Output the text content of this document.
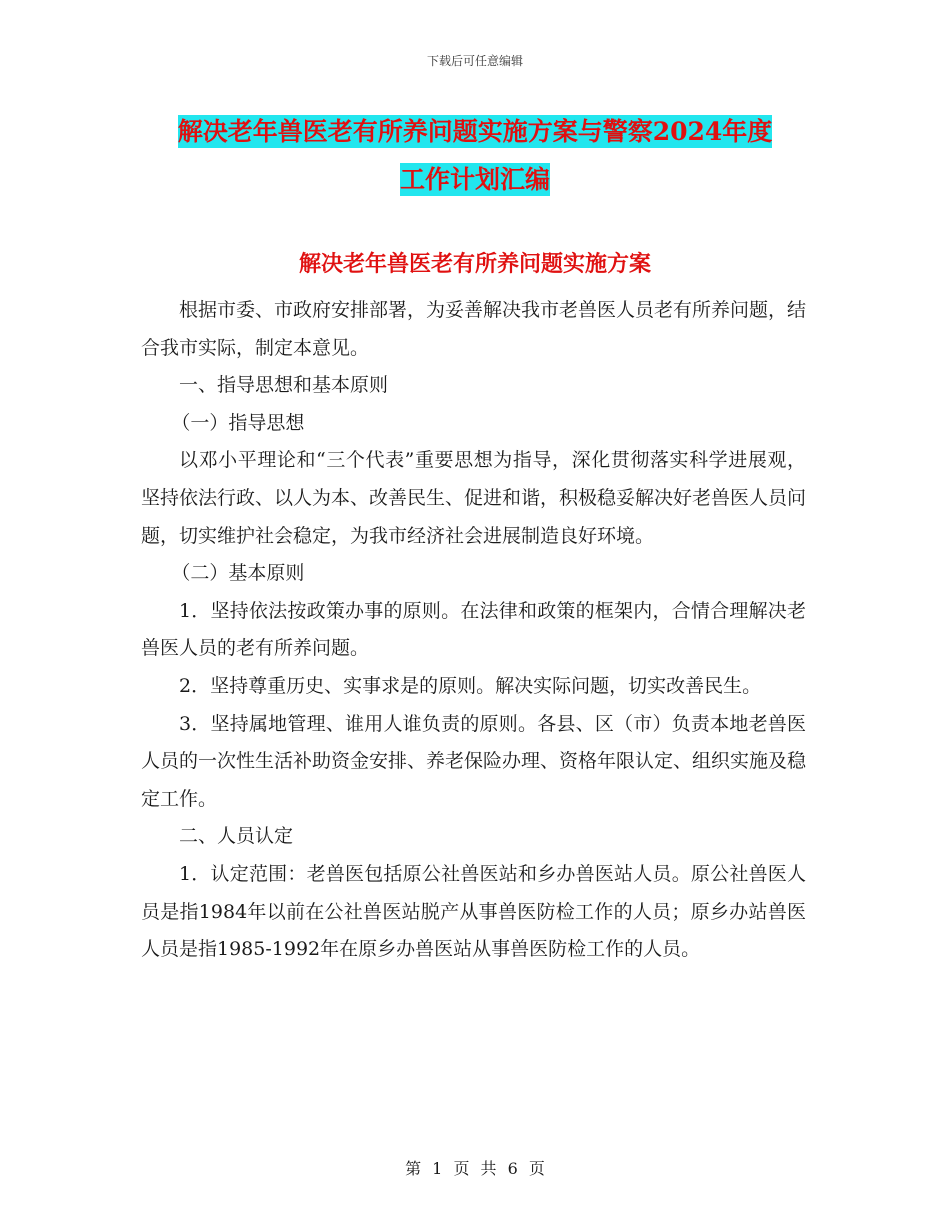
下载后可任意编辑
解决老年兽医老有所养问题实施方案与警察2024年度
工作计划汇编
解决老年兽医老有所养问题实施方案

根据市委、市政府安排部署，为妥善解决我市老兽医人员老有所养问题，结合我市实际，制定本意见。

一、指导思想和基本原则

（一）指导思想

以邓小平理论和“三个代表”重要思想为指导，深化贯彻落实科学进展观，坚持依法行政、以人为本、改善民生、促进和谐，积极稳妥解决好老兽医人员问题，切实维护社会稳定，为我市经济社会进展制造良好环境。

（二）基本原则

1．坚持依法按政策办事的原则。在法律和政策的框架内，合情合理解决老兽医人员的老有所养问题。

2．坚持尊重历史、实事求是的原则。解决实际问题，切实改善民生。

3．坚持属地管理、谁用人谁负责的原则。各县、区（市）负责本地老兽医人员的一次性生活补助资金安排、养老保险办理、资格年限认定、组织实施及稳定工作。

二、人员认定

1．认定范围：老兽医包括原公社兽医站和乡办兽医站人员。原公社兽医人员是指1984年以前在公社兽医站脱产从事兽医防检工作的人员；原乡办站兽医人员是指1985-1992年在原乡办兽医站从事兽医防检工作的人员。

第 1 页 共 6 页
